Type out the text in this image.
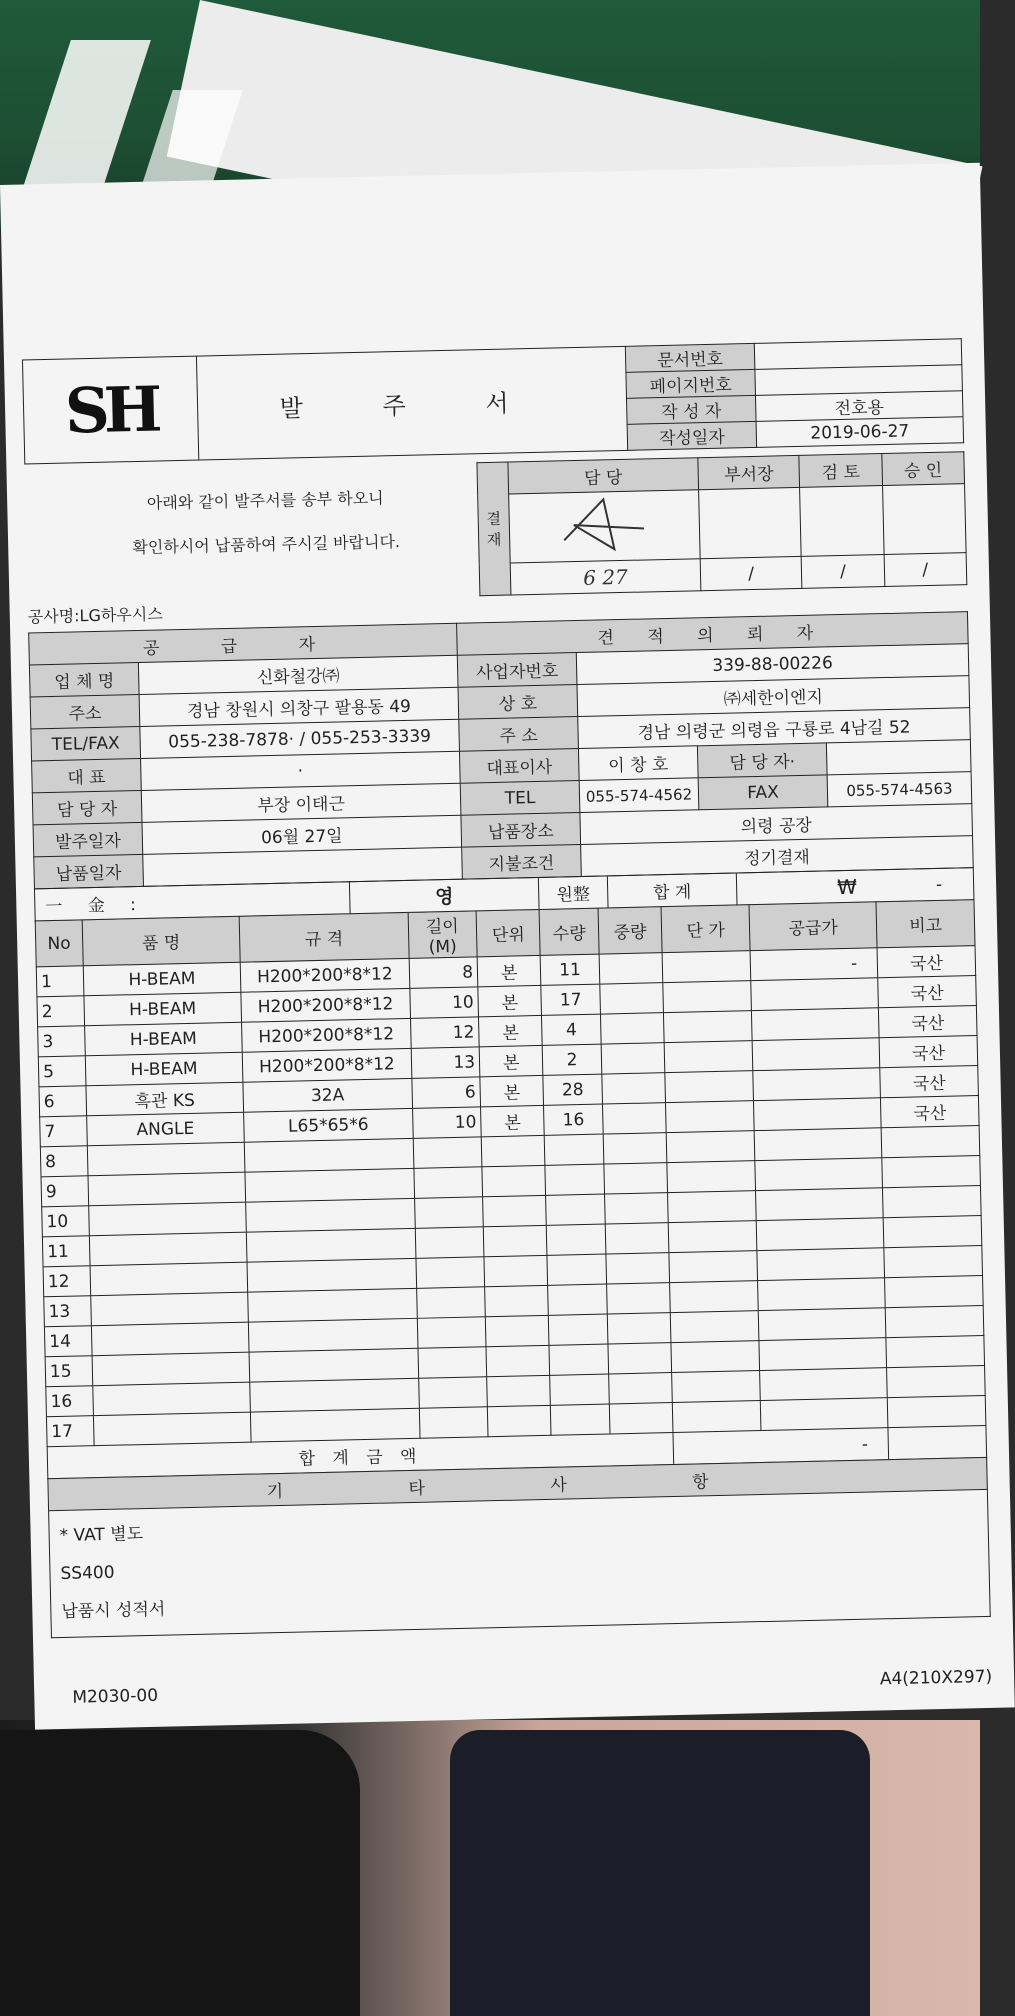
SH	발 주 서	문서번호	
		페이지번호	
		작 성 자	전호용
		작성일자	2019-06-27
아래와 같이 발주서를 송부 하오니
확인하시어 납품하여 주시길 바랍니다.
결 재	담 당	부서장	검 토	승 인

	6 27	/	/	/
공사명:LG하우시스
공 급 자		견 적 의 뢰 자			
업 체 명	신화철강㈜	사업자번호	339-88-00226		
주소	경남 창원시 의창구 팔용동 49	상 호	㈜세한이엔지		
TEL/FAX	055-238-7878· / 055-253-3339	주 소	경남 의령군 의령읍 구룡로 4남길 52		
대 표	·	대표이사	이 창 호	담 당 자·	
담 당 자	부장 이태근	TEL	055-574-4562	FAX	055-574-4563
발주일자	06월 27일	납품장소	의령 공장		
납품일자		지불조건	정기결재		
一 金 :	영	원整	합 계	₩	-
No	품 명	규 격	길이(M)	단위	수량	중량	단 가	공급가	비고
1	H-BEAM	H200*200*8*12	8	본	11			-	국산
2	H-BEAM	H200*200*8*12	10	본	17				국산
3	H-BEAM	H200*200*8*12	12	본	4				국산
5	H-BEAM	H200*200*8*12	13	본	2				국산
6	흑관 KS	32A	6	본	28				국산
7	ANGLE	L65*65*6	10	본	16				국산
8									
9									
10									
11									
12									
13									
14									
15									
16									
17									
합 계 금 액							-		
기 타 사 항

* VAT 별도
SS400
납품시 성적서
M2030-00
A4(210X297)
